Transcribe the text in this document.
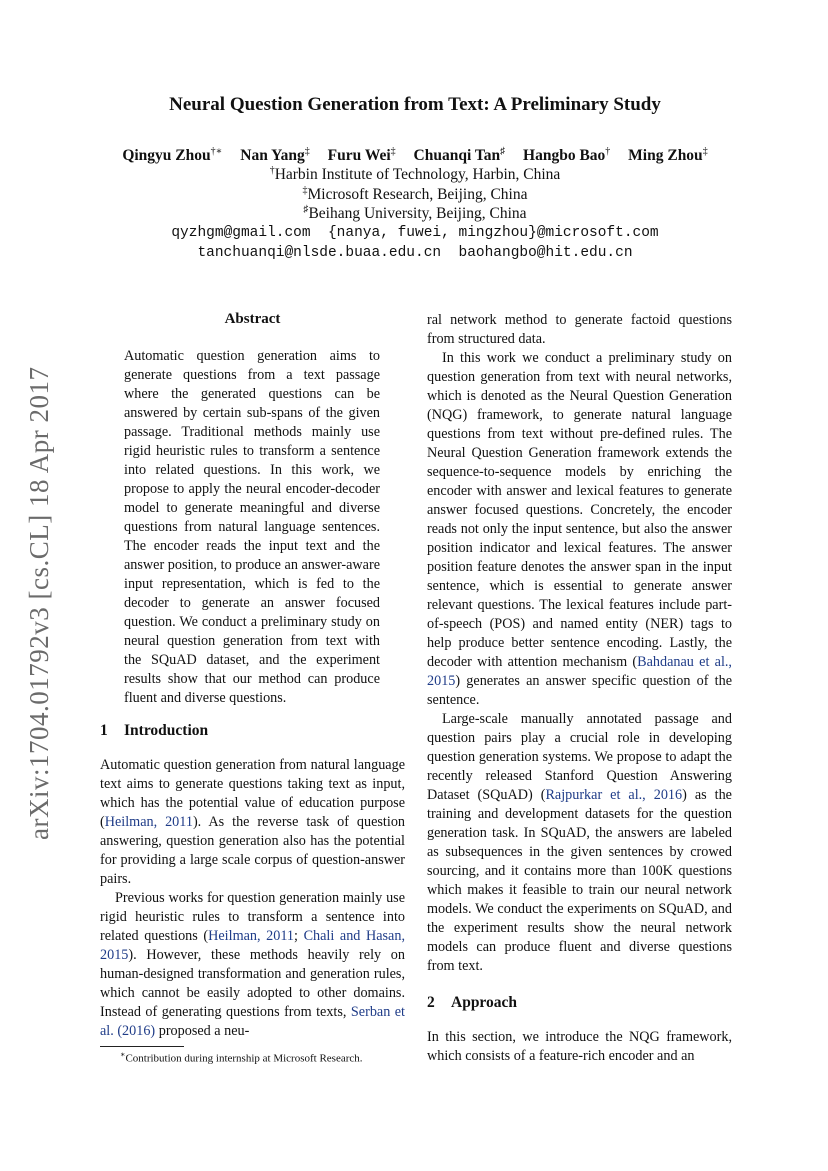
arXiv:1704.01792v3 [cs.CL] 18 Apr 2017
Neural Question Generation from Text: A Preliminary Study
Qingyu Zhou†∗ Nan Yang‡ Furu Wei‡ Chuanqi Tan♯ Hangbo Bao† Ming Zhou‡
†Harbin Institute of Technology, Harbin, China
‡Microsoft Research, Beijing, China
♯Beihang University, Beijing, China
qyzhgm@gmail.com  {nanya, fuwei, mingzhou}@microsoft.com
tanchuanqi@nlsde.buaa.edu.cn  baohangbo@hit.edu.cn
Abstract
Automatic question generation aims to generate questions from a text passage where the generated questions can be answered by certain sub-spans of the given passage. Traditional methods mainly use rigid heuristic rules to transform a sentence into related questions. In this work, we propose to apply the neural encoder-decoder model to generate meaningful and diverse questions from natural language sentences. The encoder reads the input text and the answer position, to produce an answer-aware input representation, which is fed to the decoder to generate an answer focused question. We conduct a preliminary study on neural question generation from text with the SQuAD dataset, and the experiment results show that our method can produce fluent and diverse questions.
1 Introduction

Automatic question generation from natural language text aims to generate questions taking text as input, which has the potential value of education purpose (Heilman, 2011). As the reverse task of question answering, question generation also has the potential for providing a large scale corpus of question-answer pairs.

Previous works for question generation mainly use rigid heuristic rules to transform a sentence into related questions (Heilman, 2011; Chali and Hasan, 2015). However, these methods heavily rely on human-designed transformation and generation rules, which cannot be easily adopted to other domains. Instead of generating questions from texts, Serban et al. (2016) proposed a neu-

∗Contribution during internship at Microsoft Research.

ral network method to generate factoid questions from structured data.

In this work we conduct a preliminary study on question generation from text with neural networks, which is denoted as the Neural Question Generation (NQG) framework, to generate natural language questions from text without pre-defined rules. The Neural Question Generation framework extends the sequence-to-sequence models by enriching the encoder with answer and lexical features to generate answer focused questions. Concretely, the encoder reads not only the input sentence, but also the answer position indicator and lexical features. The answer position feature denotes the answer span in the input sentence, which is essential to generate answer relevant questions. The lexical features include part-of-speech (POS) and named entity (NER) tags to help produce better sentence encoding. Lastly, the decoder with attention mechanism (Bahdanau et al., 2015) generates an answer specific question of the sentence.

Large-scale manually annotated passage and question pairs play a crucial role in developing question generation systems. We propose to adapt the recently released Stanford Question Answering Dataset (SQuAD) (Rajpurkar et al., 2016) as the training and development datasets for the question generation task. In SQuAD, the answers are labeled as subsequences in the given sentences by crowed sourcing, and it contains more than 100K questions which makes it feasible to train our neural network models. We conduct the experiments on SQuAD, and the experiment results show the neural network models can produce fluent and diverse questions from text.

2 Approach

In this section, we introduce the NQG framework, which consists of a feature-rich encoder and an
